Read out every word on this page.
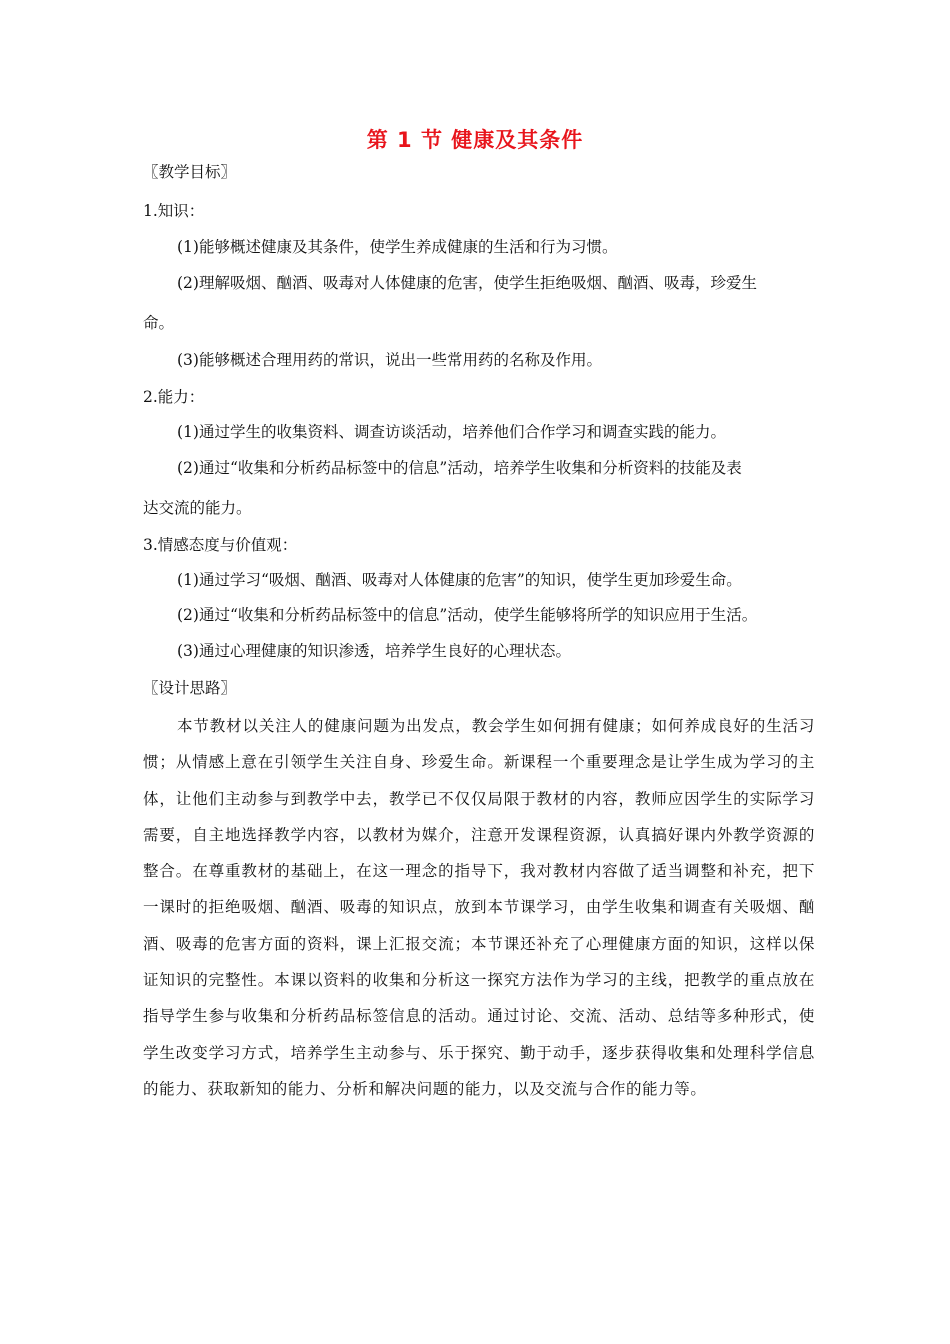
第 1 节 健康及其条件
〖教学目标〗
1.知识：
(1)能够概述健康及其条件，使学生养成健康的生活和行为习惯。
(2)理解吸烟、酗酒、吸毒对人体健康的危害，使学生拒绝吸烟、酗酒、吸毒，珍爱生
命。
(3)能够概述合理用药的常识，说出一些常用药的名称及作用。
2.能力：
(1)通过学生的收集资料、调查访谈活动，培养他们合作学习和调查实践的能力。
(2)通过“收集和分析药品标签中的信息”活动，培养学生收集和分析资料的技能及表
达交流的能力。
3.情感态度与价值观：
(1)通过学习“吸烟、酗酒、吸毒对人体健康的危害”的知识，使学生更加珍爱生命。
(2)通过“收集和分析药品标签中的信息”活动，使学生能够将所学的知识应用于生活。
(3)通过心理健康的知识渗透，培养学生良好的心理状态。
〖设计思路〗
本节教材以关注人的健康问题为出发点，教会学生如何拥有健康；如何养成良好的生活习惯；从情感上意在引领学生关注自身、珍爱生命。新课程一个重要理念是让学生成为学习的主体，让他们主动参与到教学中去，教学已不仅仅局限于教材的内容，教师应因学生的实际学习需要，自主地选择教学内容，以教材为媒介，注意开发课程资源，认真搞好课内外教学资源的整合。在尊重教材的基础上，在这一理念的指导下，我对教材内容做了适当调整和补充，把下一课时的拒绝吸烟、酗酒、吸毒的知识点，放到本节课学习，由学生收集和调查有关吸烟、酗酒、吸毒的危害方面的资料，课上汇报交流；本节课还补充了心理健康方面的知识，这样以保证知识的完整性。本课以资料的收集和分析这一探究方法作为学习的主线，把教学的重点放在指导学生参与收集和分析药品标签信息的活动。通过讨论、交流、活动、总结等多种形式，使学生改变学习方式，培养学生主动参与、乐于探究、勤于动手，逐步获得收集和处理科学信息的能力、获取新知的能力、分析和解决问题的能力，以及交流与合作的能力等。
